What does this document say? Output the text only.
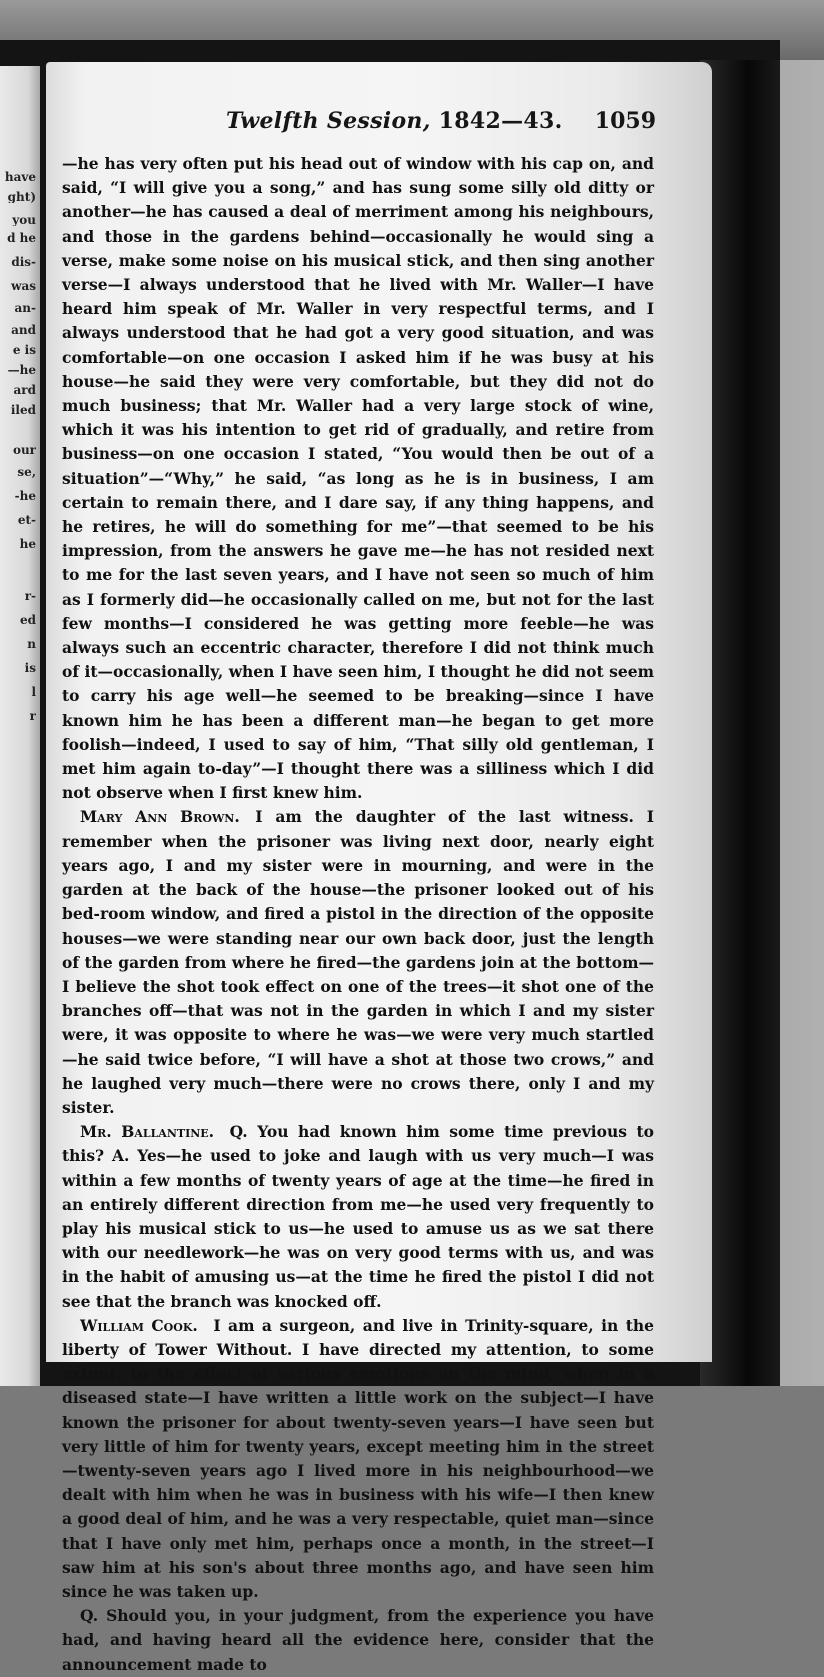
have
ght)
you
d he
dis-
was
an-
and
e is
—he
ard
iled
our
se,
-he
et-
he
r-
ed
n
is
l
r
Twelfth Session, 1842—43. 1059

—he has very often put his head out of window with his cap on, and said, “I will give you a song,” and has sung some silly old ditty or another—he has caused a deal of merriment among his neighbours, and those in the gardens behind—occasionally he would sing a verse, make some noise on his musical stick, and then sing another verse—I always understood that he lived with Mr. Waller—I have heard him speak of Mr. Waller in very respectful terms, and I always understood that he had got a very good situation, and was comfortable—on one occasion I asked him if he was busy at his house—he said they were very comfortable, but they did not do much business; that Mr. Waller had a very large stock of wine, which it was his intention to get rid of gradually, and retire from business—on one occasion I stated, “You would then be out of a situation”—“Why,” he said, “as long as he is in business, I am certain to remain there, and I dare say, if any thing happens, and he retires, he will do something for me”—that seemed to be his impression, from the answers he gave me—he has not resided next to me for the last seven years, and I have not seen so much of him as I formerly did—he occasionally called on me, but not for the last few months—I considered he was getting more feeble—he was always such an eccentric character, therefore I did not think much of it—occasionally, when I have seen him, I thought he did not seem to carry his age well—he seemed to be breaking—since I have known him he has been a different man—he began to get more foolish—indeed, I used to say of him, “That silly old gentleman, I met him again to-day”—I thought there was a silliness which I did not observe when I first knew him.

Mary Ann Brown.  I am the daughter of the last witness. I remember when the prisoner was living next door, nearly eight years ago, I and my sister were in mourning, and were in the garden at the back of the house—the prisoner looked out of his bed-room window, and fired a pistol in the direction of the opposite houses—we were standing near our own back door, just the length of the garden from where he fired—the gardens join at the bottom—I believe the shot took effect on one of the trees—it shot one of the branches off—that was not in the garden in which I and my sister were, it was opposite to where he was—we were very much startled—he said twice before, “I will have a shot at those two crows,” and he laughed very much—there were no crows there, only I and my sister.

Mr. Ballantine.  Q. You had known him some time previous to this? A. Yes—he used to joke and laugh with us very much—I was within a few months of twenty years of age at the time—he fired in an entirely different direction from me—he used very frequently to play his musical stick to us—he used to amuse us as we sat there with our needlework—he was on very good terms with us, and was in the habit of amusing us—at the time he fired the pistol I did not see that the branch was knocked off.

William Cook.  I am a surgeon, and live in Trinity-square, in the liberty of Tower Without. I have directed my attention, to some extent, to the effect of various emotions on the mind, when in a diseased state—I have written a little work on the subject—I have known the prisoner for about twenty-seven years—I have seen but very little of him for twenty years, except meeting him in the street—twenty-seven years ago I lived more in his neighbourhood—we dealt with him when he was in business with his wife—I then knew a good deal of him, and he was a very respectable, quiet man—since that I have only met him, perhaps once a month, in the street—I saw him at his son's about three months ago, and have seen him since he was taken up.

Q. Should you, in your judgment, from the experience you have had, and having heard all the evidence here, consider that the announcement made to
